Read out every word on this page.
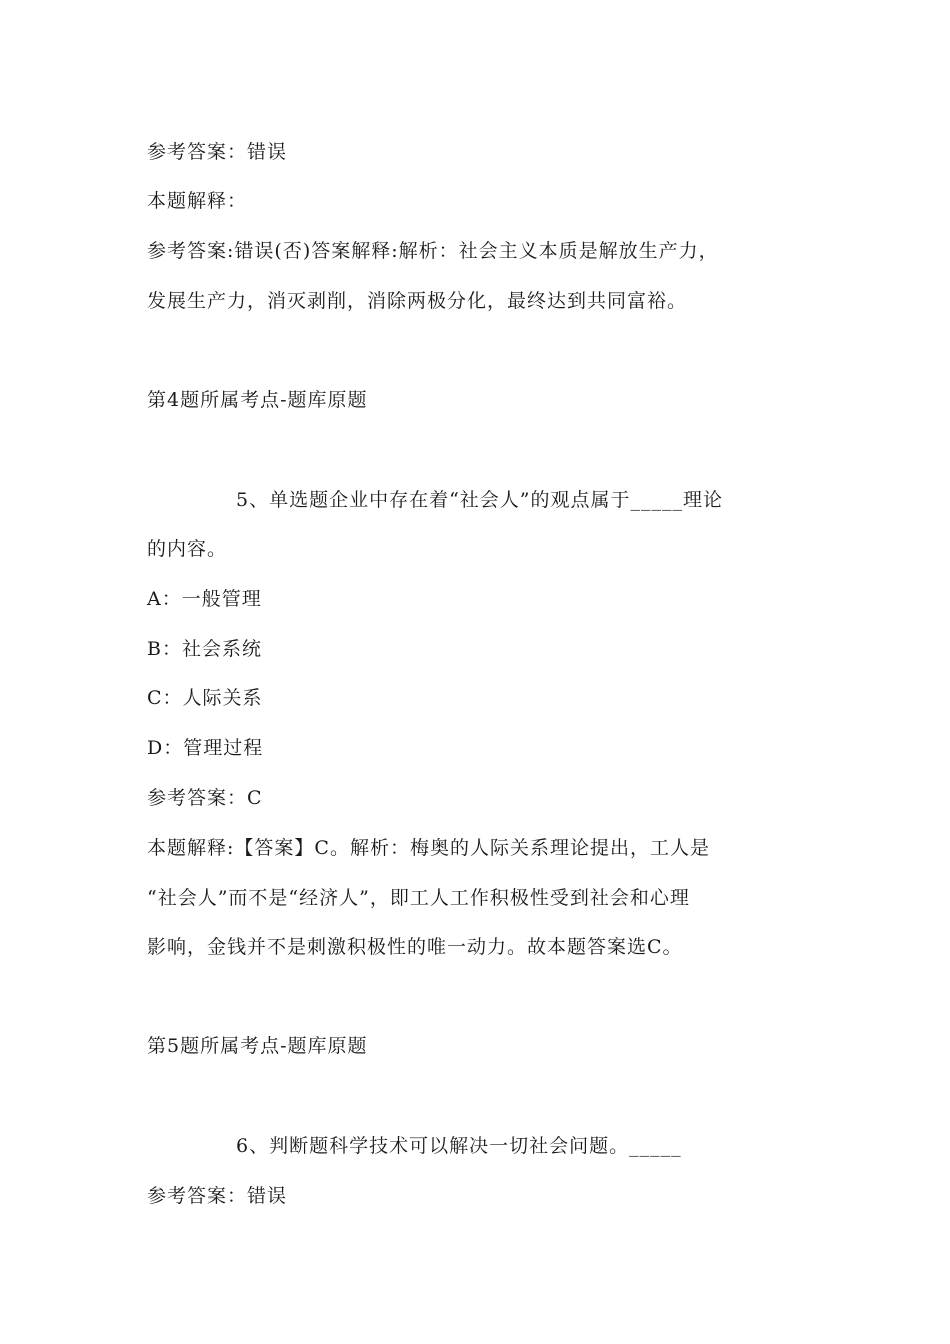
参考答案：错误
本题解释：
参考答案:错误(否)答案解释:解析：社会主义本质是解放生产力，
发展生产力，消灭剥削，消除两极分化，最终达到共同富裕。
第4题所属考点-题库原题
5、单选题企业中存在着“社会人”的观点属于_____理论
的内容。
A：一般管理
B：社会系统
C：人际关系
D：管理过程
参考答案：C
本题解释:【答案】C。解析：梅奥的人际关系理论提出，工人是
“社会人”而不是“经济人”，即工人工作积极性受到社会和心理
影响，金钱并不是刺激积极性的唯一动力。故本题答案选C。
第5题所属考点-题库原题
6、判断题科学技术可以解决一切社会问题。_____
参考答案：错误
